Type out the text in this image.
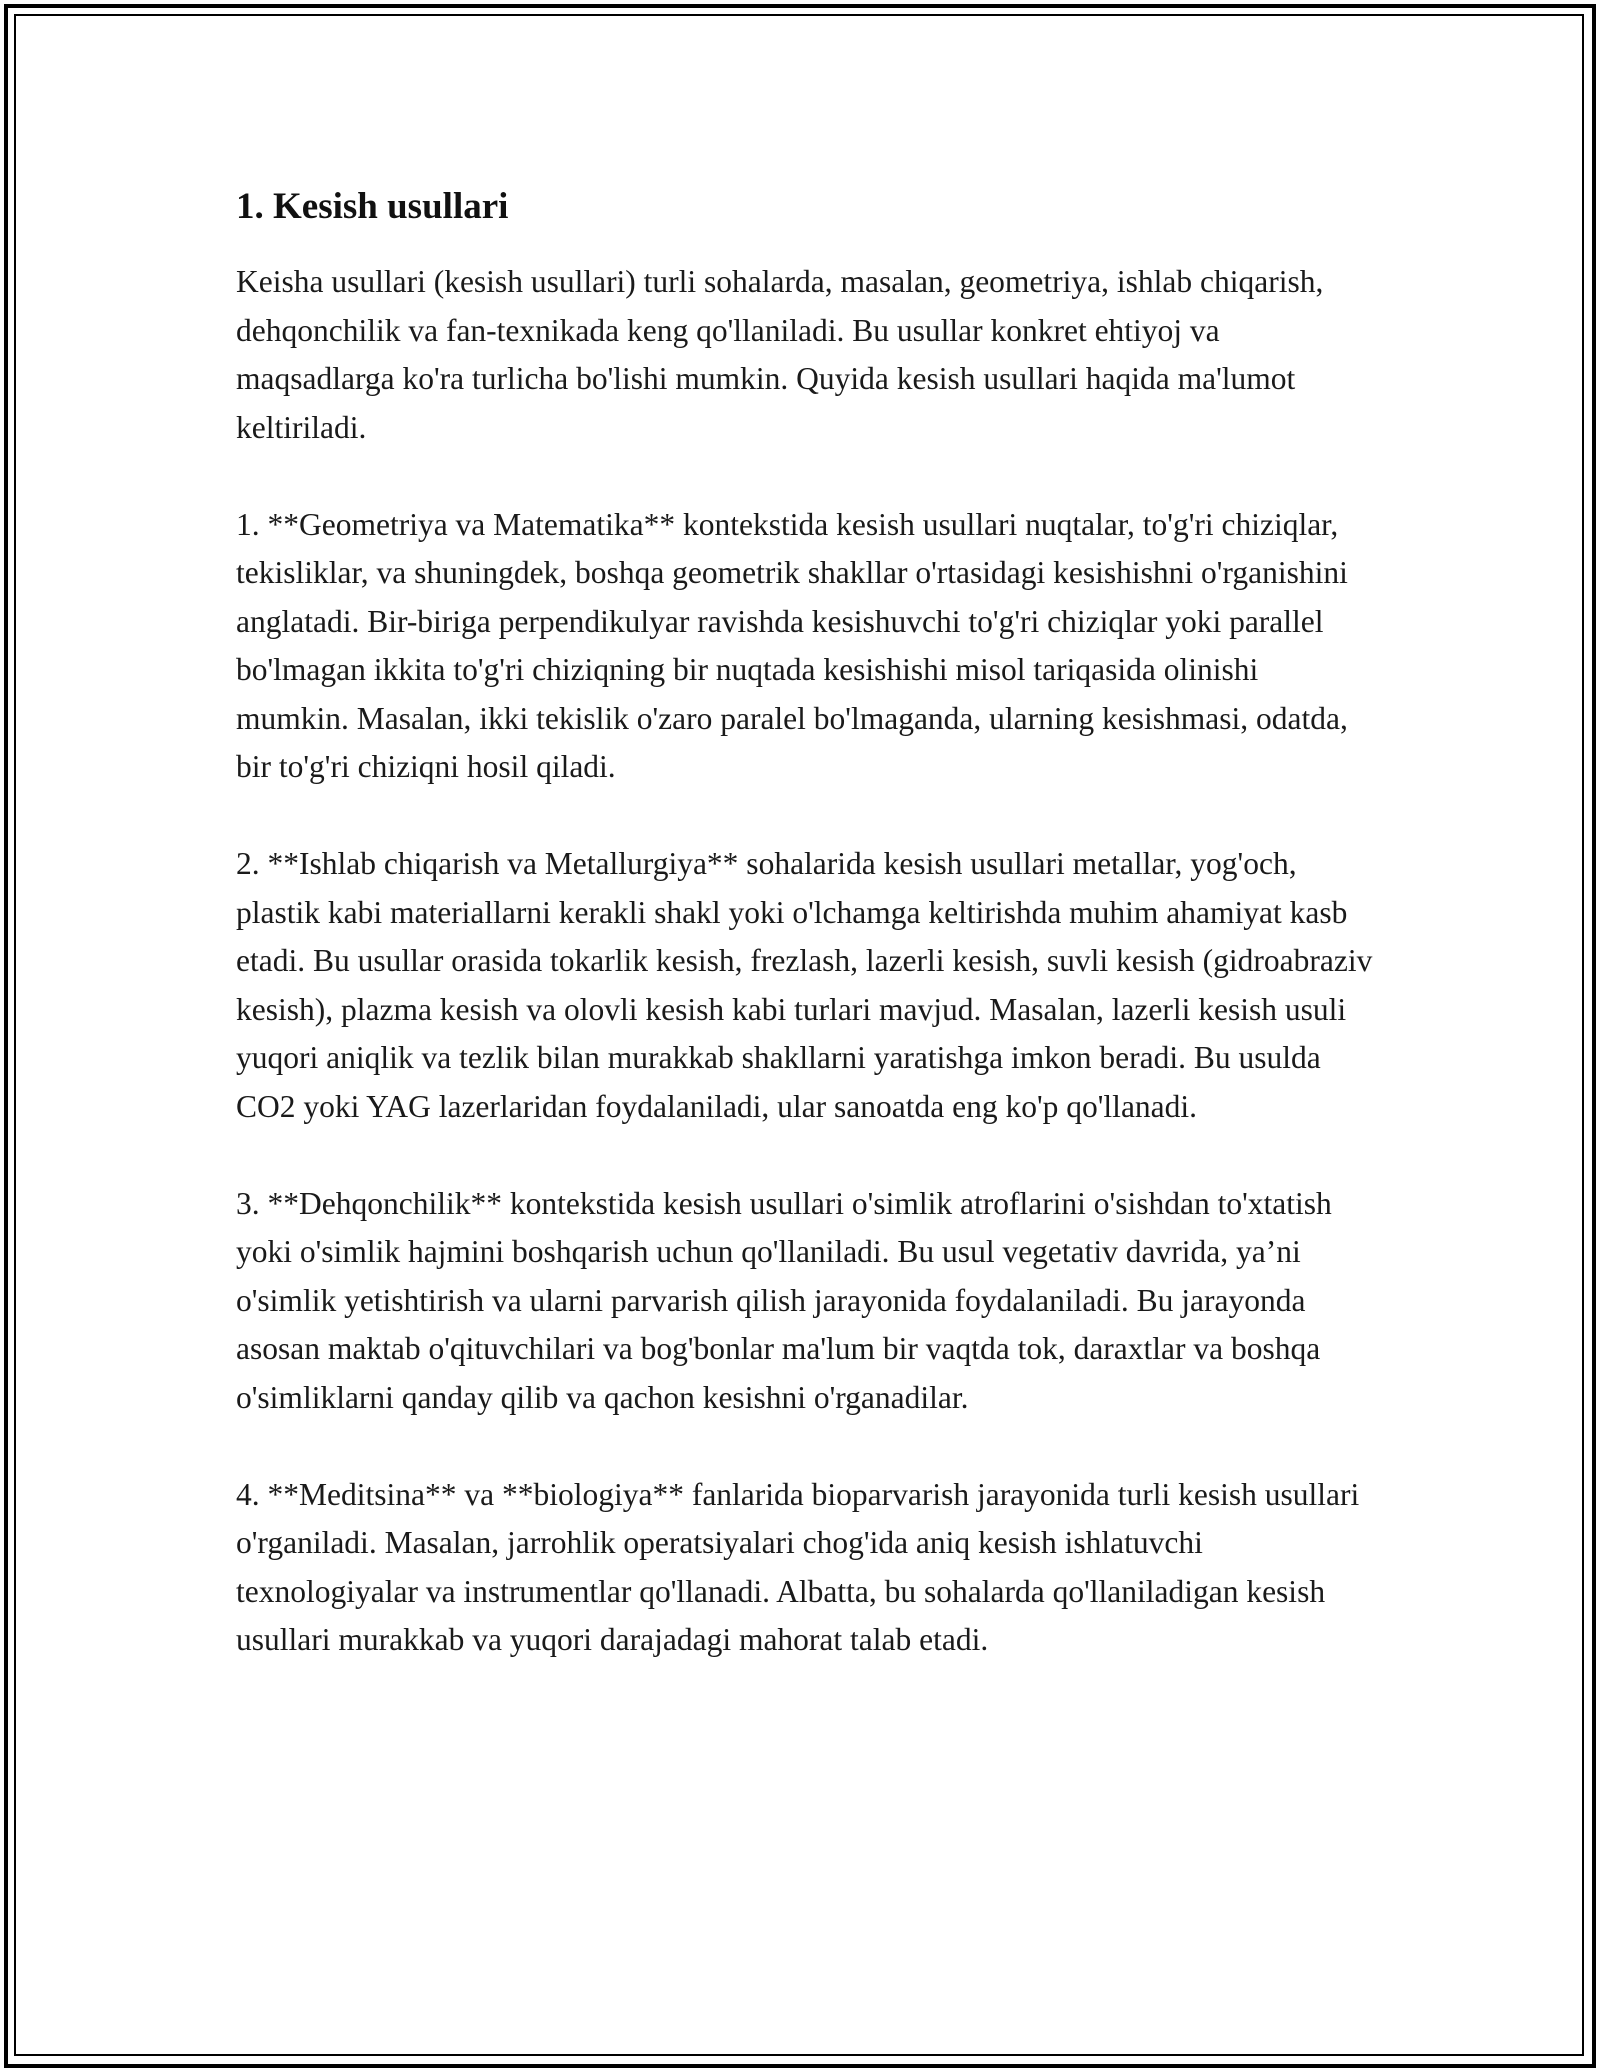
1. Kesish usullari

Keisha usullari (kesish usullari) turli sohalarda, masalan, geometriya, ishlab chiqarish, dehqonchilik va fan-texnikada keng qo'llaniladi. Bu usullar konkret ehtiyoj va maqsadlarga ko'ra turlicha bo'lishi mumkin. Quyida kesish usullari haqida ma'lumot keltiriladi.

1. **Geometriya va Matematika** kontekstida kesish usullari nuqtalar, to'g'ri chiziqlar, tekisliklar, va shuningdek, boshqa geometrik shakllar o'rtasidagi kesishishni o'rganishini anglatadi. Bir-biriga perpendikulyar ravishda kesishuvchi to'g'ri chiziqlar yoki parallel bo'lmagan ikkita to'g'ri chiziqning bir nuqtada kesishishi misol tariqasida olinishi mumkin. Masalan, ikki tekislik o'zaro paralel bo'lmaganda, ularning kesishmasi, odatda, bir to'g'ri chiziqni hosil qiladi.

2. **Ishlab chiqarish va Metallurgiya** sohalarida kesish usullari metallar, yog'och, plastik kabi materiallarni kerakli shakl yoki o'lchamga keltirishda muhim ahamiyat kasb etadi. Bu usullar orasida tokarlik kesish, frezlash, lazerli kesish, suvli kesish (gidroabraziv kesish), plazma kesish va olovli kesish kabi turlari mavjud. Masalan, lazerli kesish usuli yuqori aniqlik va tezlik bilan murakkab shakllarni yaratishga imkon beradi. Bu usulda CO2 yoki YAG lazerlaridan foydalaniladi, ular sanoatda eng ko'p qo'llanadi.

3. **Dehqonchilik** kontekstida kesish usullari o'simlik atroflarini o'sishdan to'xtatish yoki o'simlik hajmini boshqarish uchun qo'llaniladi. Bu usul vegetativ davrida, ya’ni o'simlik yetishtirish va ularni parvarish qilish jarayonida foydalaniladi. Bu jarayonda asosan maktab o'qituvchilari va bog'bonlar ma'lum bir vaqtda tok, daraxtlar va boshqa o'simliklarni qanday qilib va qachon kesishni o'rganadilar.

4. **Meditsina** va **biologiya** fanlarida bioparvarish jarayonida turli kesish usullari o'rganiladi. Masalan, jarrohlik operatsiyalari chog'ida aniq kesish ishlatuvchi texnologiyalar va instrumentlar qo'llanadi. Albatta, bu sohalarda qo'llaniladigan kesish usullari murakkab va yuqori darajadagi mahorat talab etadi.
